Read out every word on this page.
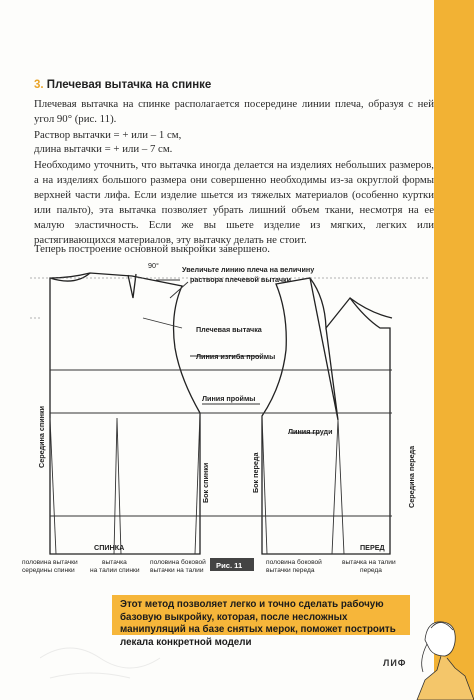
3. Плечевая вытачка на спинке

Плечевая вытачка на спинке располагается посередине линии плеча, образуя с ней угол 90° (рис. 11).

Раствор вытачки = + или – 1 см,

длина вытачки = + или – 7 см.

Необходимо уточнить, что вытачка иногда делается на изделиях небольших размеров, а на изделиях большого размера они совершенно необходимы из-за округлой формы верхней части лифа. Если изделие шьется из тяжелых материалов (особенно куртки или пальто), эта вытачка позволяет убрать лишний объем ткани, несмотря на ее малую эластичность. Если же вы шьете изделие из мягких, легких или растягивающихся материалов, эту вытачку делать не стоит.

Теперь построение основной выкройки завершено.

90°	Увеличьте линию плеча на величину
раствора плечевой вытачки
Плечевая вытачка
Линия изгиба проймы
Линия проймы
Линия груди
Середина спинки
Бок спинки	Бок переда	Середина переда
СПИНКА	ПЕРЕД
половина вытачки
середины спинки
вытачка
на талии спинки
половина боковой
вытачки на талии
половина боковой
вытачки переда
вытачка на талии
переда
Рис. 11
Этот метод позволяет легко и точно сделать рабочую базовую выкройку, которая, после несложных манипуляций на базе снятых мерок, поможет построить лекала конкретной модели
ЛИФ
